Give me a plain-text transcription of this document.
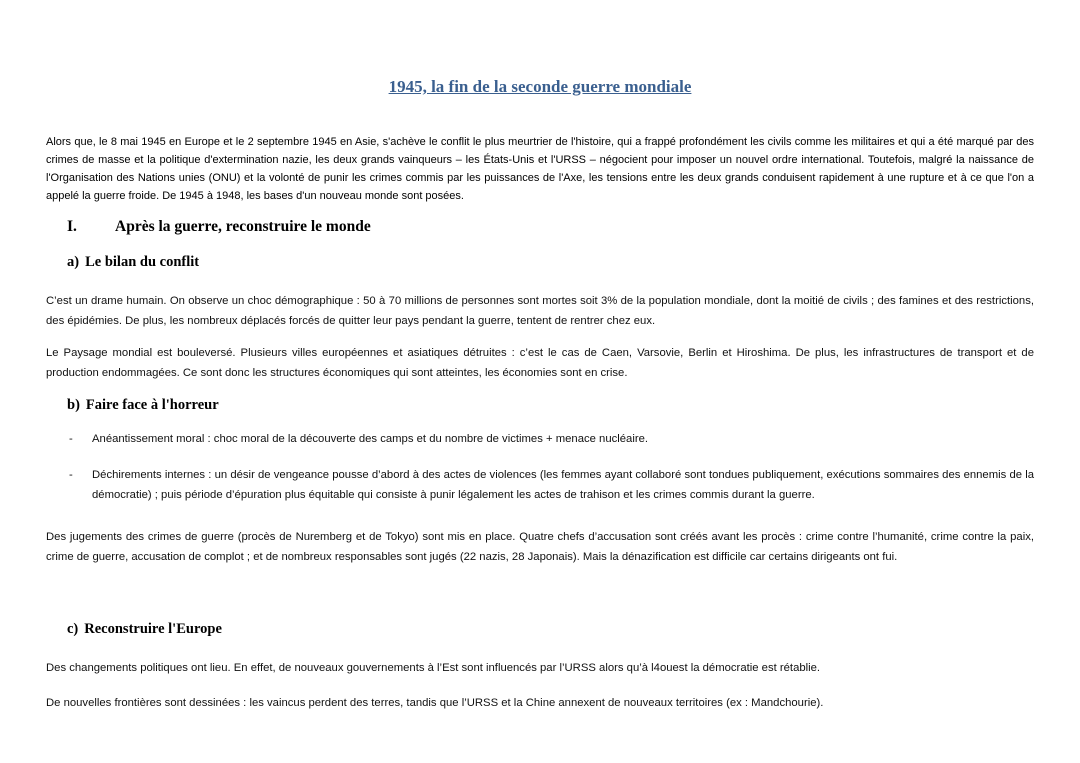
1945, la fin de la seconde guerre mondiale
Alors que, le 8 mai 1945 en Europe et le 2 septembre 1945 en Asie, s'achève le conflit le plus meurtrier de l'histoire, qui a frappé profondément les civils comme les militaires et qui a été marqué par des crimes de masse et la politique d'extermination nazie, les deux grands vainqueurs – les États-Unis et l'URSS – négocient pour imposer un nouvel ordre international. Toutefois, malgré la naissance de l'Organisation des Nations unies (ONU) et la volonté de punir les crimes commis par les puissances de l'Axe, les tensions entre les deux grands conduisent rapidement à une rupture et à ce que l'on a appelé la guerre froide. De 1945 à 1948, les bases d'un nouveau monde sont posées.
I. Après la guerre, reconstruire le monde
a) Le bilan du conflit
C’est un drame humain. On observe un choc démographique : 50 à 70 millions de personnes sont mortes soit 3% de la population mondiale, dont la moitié de civils ; des famines et des restrictions, des épidémies. De plus, les nombreux déplacés forcés de quitter leur pays pendant la guerre, tentent de rentrer chez eux.
Le Paysage mondial est bouleversé. Plusieurs villes européennes et asiatiques détruites : c’est le cas de Caen, Varsovie, Berlin et Hiroshima. De plus, les infrastructures de transport et de production endommagées. Ce sont donc les structures économiques qui sont atteintes, les économies sont en crise.
b) Faire face à l'horreur
- Anéantissement moral : choc moral de la découverte des camps et du nombre de victimes + menace nucléaire.
- Déchirements internes : un désir de vengeance pousse d’abord à des actes de violences (les femmes ayant collaboré sont tondues publiquement, exécutions sommaires des ennemis de la démocratie) ; puis période d’épuration plus équitable qui consiste à punir légalement les actes de trahison et les crimes commis durant la guerre.
Des jugements des crimes de guerre (procès de Nuremberg et de Tokyo) sont mis en place. Quatre chefs d’accusation sont créés avant les procès : crime contre l’humanité, crime contre la paix, crime de guerre, accusation de complot ; et de nombreux responsables sont jugés (22 nazis, 28 Japonais). Mais la dénazification est difficile car certains dirigeants ont fui.
c) Reconstruire l'Europe
Des changements politiques ont lieu. En effet, de nouveaux gouvernements à l’Est sont influencés par l’URSS alors qu’à l4ouest la démocratie est rétablie.
De nouvelles frontières sont dessinées : les vaincus perdent des terres, tandis que l’URSS et la Chine annexent de nouveaux territoires (ex : Mandchourie).
